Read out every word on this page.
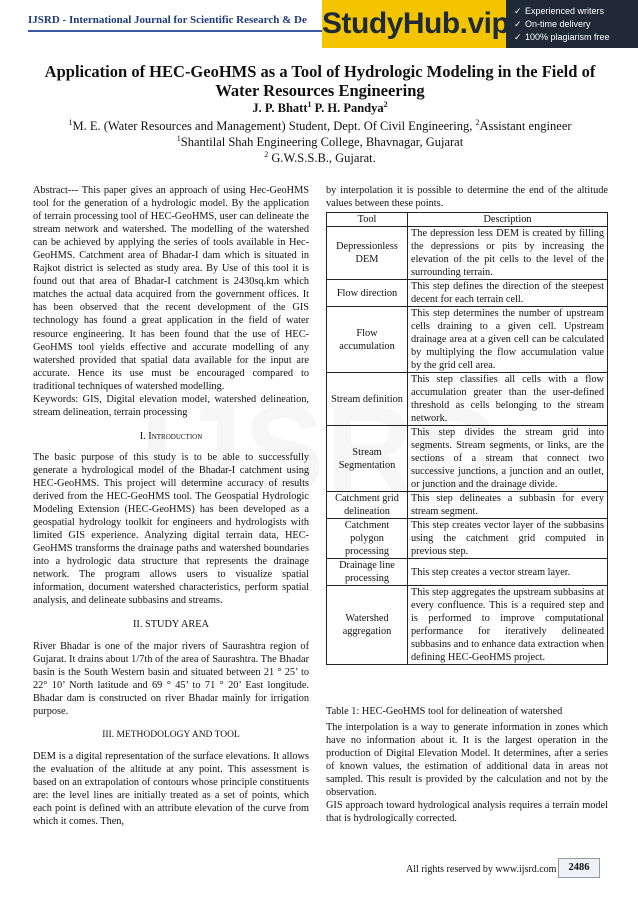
IJSRD - International Journal for Scientific Research & De StudyHub.vip ✓ Experienced writers
✓ On-time delivery
✓ 100% plagiarism free
Application of HEC-GeoHMS as a Tool of Hydrologic Modeling in the Field of Water Resources Engineering
J. P. Bhatt$^1$ P. H. Pandya$^2$
$^1$M. E. (Water Resources and Management) Student, Dept. Of Civil Engineering, $^2$Assistant engineer
$^1$Shantilal Shah Engineering College, Bhavnagar, Gujarat
$^2$ G.W.S.S.B., Gujarat.

Abstract--- This paper gives an approach of using Hec-GeoHMS tool for the generation of a hydrologic model. By the application of terrain processing tool of HEC-GeoHMS, user can delineate the stream network and watershed. The modelling of the watershed can be achieved by applying the series of tools available in Hec-GeoHMS. Catchment area of Bhadar-I dam which is situated in Rajkot district is selected as study area. By Use of this tool it is found out that area of Bhadar-I catchment is 2430sq.km which matches the actual data acquired from the government offices. It has been observed that the recent development of the GIS technology has found a great application in the field of water resource engineering. It has been found that the use of HEC-GeoHMS tool yields effective and accurate modelling of any watershed provided that spatial data available for the input are accurate. Hence its use must be encouraged compared to traditional techniques of watershed modelling.

Keywords: GIS, Digital elevation model, watershed delineation, stream delineation, terrain processing

I. Introduction

The basic purpose of this study is to be able to successfully generate a hydrological model of the Bhadar-I catchment using HEC-GeoHMS. This project will determine accuracy of results derived from the HEC-GeoHMS tool. The Geospatial Hydrologic Modeling Extension (HEC-GeoHMS) has been developed as a geospatial hydrology toolkit for engineers and hydrologists with limited GIS experience. Analyzing digital terrain data, HEC-GeoHMS transforms the drainage paths and watershed boundaries into a hydrologic data structure that represents the drainage network. The program allows users to visualize spatial information, document watershed characteristics, perform spatial analysis, and delineate subbasins and streams.

II. STUDY AREA

River Bhadar is one of the major rivers of Saurashtra region of Gujarat. It drains about 1/7th of the area of Saurashtra. The Bhadar basin is the South Western basin and situated between 21 ° 25’ to 22° 10’ North latitude and 69 ° 45’ to 71 ° 20’ East longitude. Bhadar dam is constructed on river Bhadar mainly for irrigation purpose.

III. METHODOLOGY AND TOOL

DEM is a digital representation of the surface elevations. It allows the evaluation of the altitude at any point. This assessment is based on an extrapolation of contours whose principle constituents are: the level lines are initially treated as a set of points, which each point is defined with an attribute elevation of the curve from which it comes. Then,

by interpolation it is possible to determine the end of the altitude values between these points.
Tool	Description
Depressionless DEM	The depression less DEM is created by filling the depressions or pits by increasing the elevation of the pit cells to the level of the surrounding terrain.
Flow direction	This step defines the direction of the steepest decent for each terrain cell.
Flow accumulation	This step determines the number of upstream cells draining to a given cell. Upstream drainage area at a given cell can be calculated by multiplying the flow accumulation value by the grid cell area.
Stream definition	This step classifies all cells with a flow accumulation greater than the user-defined threshold as cells belonging to the stream network.
Stream Segmentation	This step divides the stream grid into segments. Stream segments, or links, are the sections of a stream that connect two successive junctions, a junction and an outlet, or junction and the drainage divide.
Catchment grid delineation	This step delineates a subbasin for every stream segment.
Catchment polygon processing	This step creates vector layer of the subbasins using the catchment grid computed in previous step.
Drainage line processing	This step creates a vector stream layer.
Watershed aggregation	This step aggregates the upstream subbasins at every confluence. This is a required step and is performed to improve computational performance for iteratively delineated subbasins and to enhance data extraction when defining HEC-GeoHMS project.
Table 1: HEC-GeoHMS tool for delineation of watershed

The interpolation is a way to generate information in zones which have no information about it. It is the largest operation in the production of Digital Elevation Model. It determines, after a series of known values, the estimation of additional data in areas not sampled. This result is provided by the calculation and not by the observation.

GIS approach toward hydrological analysis requires a terrain model that is hydrologically corrected.

All rights reserved by www.ijsrd.com	2486
